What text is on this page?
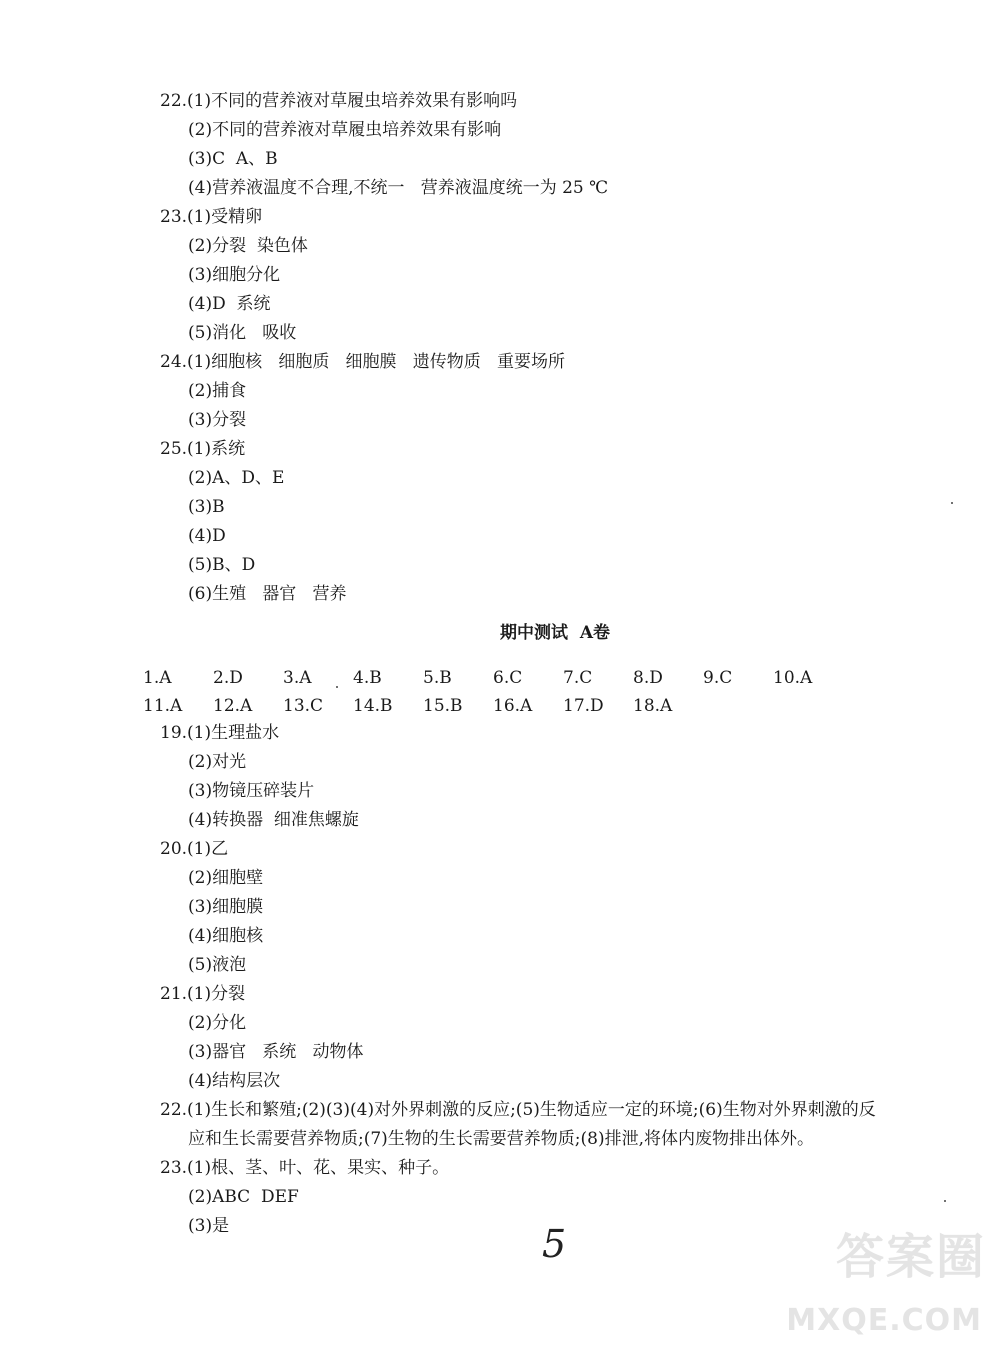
22.(1)不同的营养液对草履虫培养效果有影响吗
(2)不同的营养液对草履虫培养效果有影响
(3)C  A、B
(4)营养液温度不合理,不统一   营养液温度统一为 25 ℃
23.(1)受精卵
(2)分裂  染色体
(3)细胞分化
(4)D  系统
(5)消化   吸收
24.(1)细胞核   细胞质   细胞膜   遗传物质   重要场所
(2)捕食
(3)分裂
25.(1)系统
(2)A、D、E
(3)B
(4)D
(5)B、D
(6)生殖   器官   营养
期中测试  A卷
1.A 2.D 3.A 4.B 5.B 6.C 7.C 8.D 9.C 10.A
11.A 12.A 13.C 14.B 15.B 16.A 17.D 18.A
19.(1)生理盐水
(2)对光
(3)物镜压碎装片
(4)转换器  细准焦螺旋
20.(1)乙
(2)细胞壁
(3)细胞膜
(4)细胞核
(5)液泡
21.(1)分裂
(2)分化
(3)器官   系统   动物体
(4)结构层次
22.(1)生长和繁殖;(2)(3)(4)对外界刺激的反应;(5)生物适应一定的环境;(6)生物对外界刺激的反
应和生长需要营养物质;(7)生物的生长需要营养物质;(8)排泄,将体内废物排出体外。
23.(1)根、茎、叶、花、果实、种子。
(2)ABC  DEF
(3)是	5	答案圈
MXQE.COM
